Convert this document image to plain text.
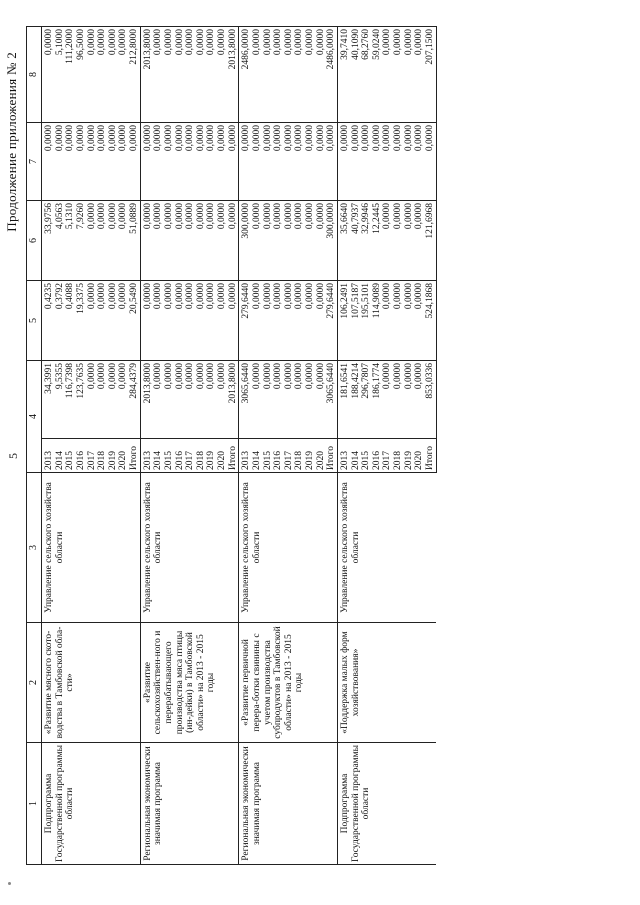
5
Продолжение приложения № 2
1	2	3	4		5	6	7	8
Подпрограмма Государственной программы области	«Развитие мясного ското-водства в Тамбовской обла-сти»	Управление сельского хозяйства области	2013	34,3991	0,4235	33,9756	0,0000	0,0000
			2014	9,5355	0,3792	4,0563	0,0000	5,1000
			2015	116,7398	0,4088	5,1310	0,0000	111,2000
			2016	123,7635	19,3375	7,9260	0,0000	96,5000
			2017	0,0000	0,0000	0,0000	0,0000	0,0000
			2018	0,0000	0,0000	0,0000	0,0000	0,0000
			2019	0,0000	0,0000	0,0000	0,0000	0,0000
			2020	0,0000	0,0000	0,0000	0,0000	0,0000
			Итого	284,4379	20,5490	51,0889	0,0000	212,8000
Региональная экономически значимая программа	«Развитие сельскохозяйствен-ного и перерабатывающего производства мяса птицы (ин-дейки) в Тамбовской области» на 2013 - 2015 годы	Управление сельского хозяйства области	2013	2013,8000	0,0000	0,0000	0,0000	2013,8000
			2014	0,0000	0,0000	0,0000	0,0000	0,0000
			2015	0,0000	0,0000	0,0000	0,0000	0,0000
			2016	0,0000	0,0000	0,0000	0,0000	0,0000
			2017	0,0000	0,0000	0,0000	0,0000	0,0000
			2018	0,0000	0,0000	0,0000	0,0000	0,0000
			2019	0,0000	0,0000	0,0000	0,0000	0,0000
			2020	0,0000	0,0000	0,0000	0,0000	0,0000
			Итого	2013,8000	0,0000	0,0000	0,0000	2013,8000
Региональная экономически значимая программа	«Развитие первичной перера-ботки свинины с учетом производства субпродуктов в Тамбовской области» на 2013 - 2015 годы	Управление сельского хозяйства области	2013	3065,6440	279,6440	300,0000	0,0000	2486,0000
			2014	0,0000	0,0000	0,0000	0,0000	0,0000
			2015	0,0000	0,0000	0,0000	0,0000	0,0000
			2016	0,0000	0,0000	0,0000	0,0000	0,0000
			2017	0,0000	0,0000	0,0000	0,0000	0,0000
			2018	0,0000	0,0000	0,0000	0,0000	0,0000
			2019	0,0000	0,0000	0,0000	0,0000	0,0000
			2020	0,0000	0,0000	0,0000	0,0000	0,0000
			Итого	3065,6440	279,6440	300,0000	0,0000	2486,0000
Подпрограмма Государственной программы области	«Поддержка малых форм хозяйствования»	Управление сельского хозяйства области	2013	181,6541	106,2491	35,6640	0,0000	39,7410
			2014	188,4214	107,5187	40,7937	0,0000	40,1090
			2015	296,7807	195,5101	32,9946	0,0000	68,2760
			2016	186,1774	114,9089	12,2445	0,0000	59,0240
			2017	0,0000	0,0000	0,0000	0,0000	0,0000
			2018	0,0000	0,0000	0,0000	0,0000	0,0000
			2019	0,0000	0,0000	0,0000	0,0000	0,0000
			2020	0,0000	0,0000	0,0000	0,0000	0,0000
			Итого	853,0336	524,1868	121,6968	0,0000	207,1500
